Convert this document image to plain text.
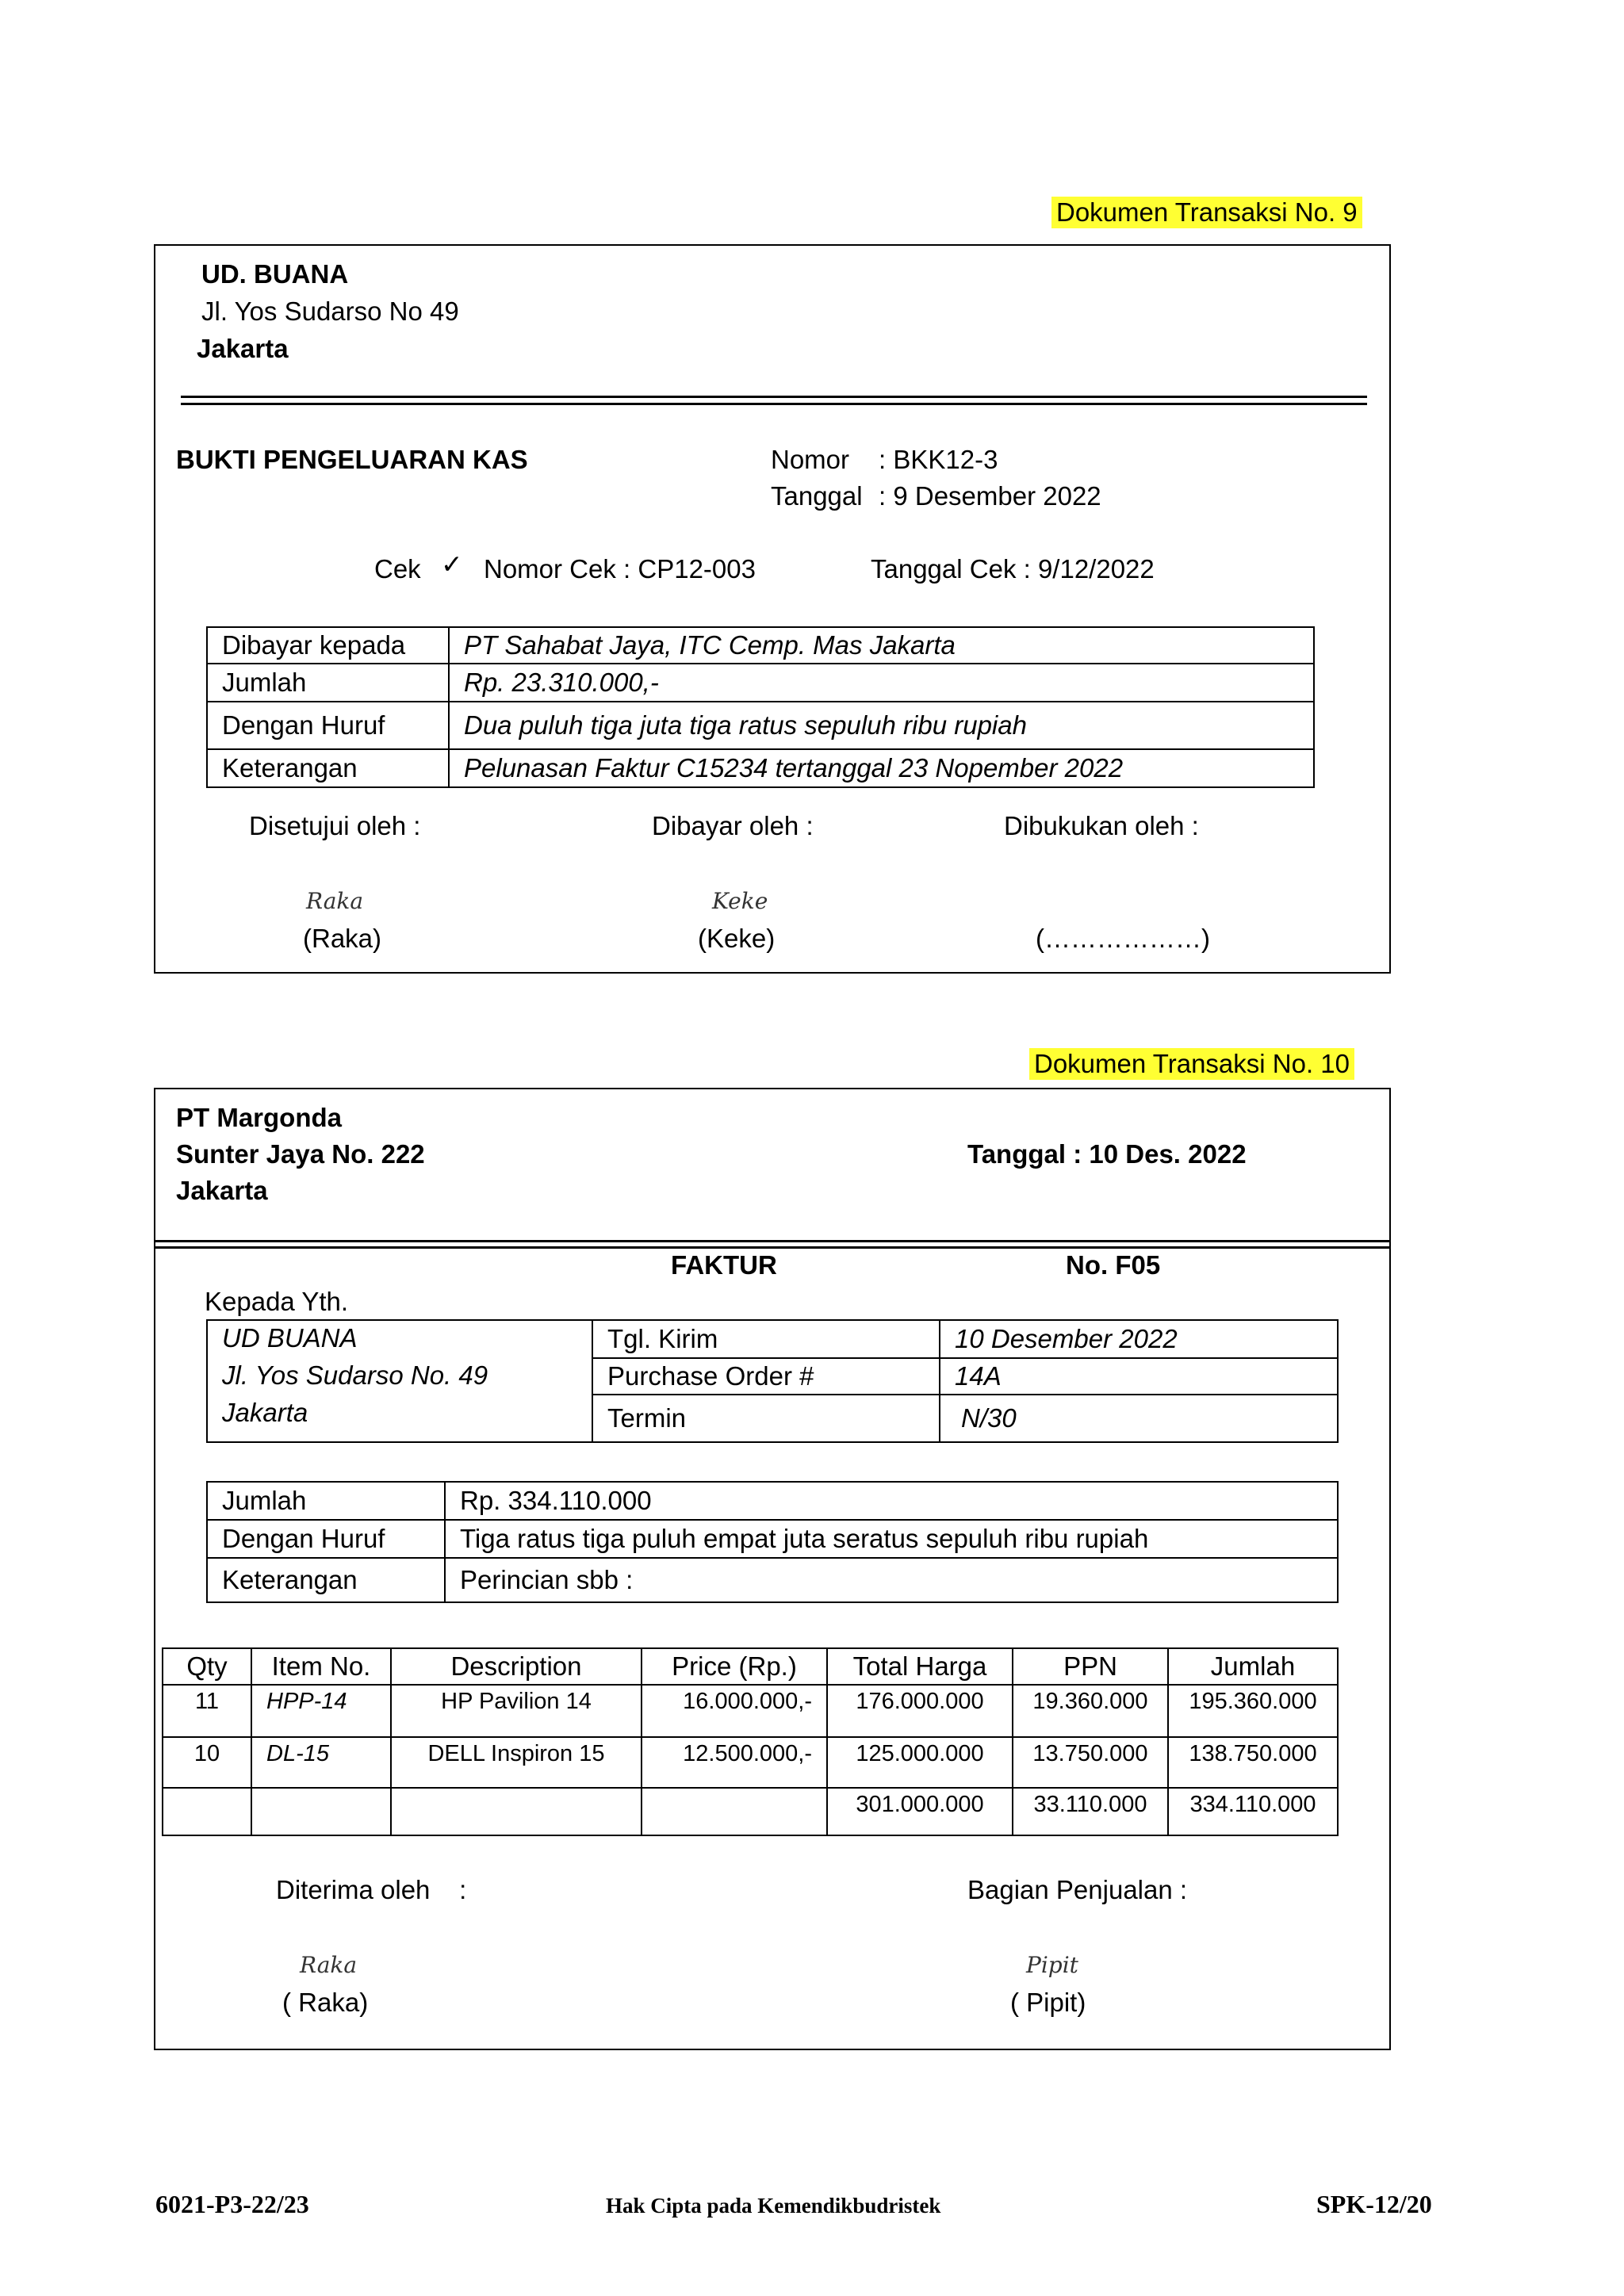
Dokumen Transaksi No. 9
UD. BUANA
Jl. Yos Sudarso No 49
Jakarta
BUKTI PENGELUARAN KAS	Nomor : BKK12-3
Tanggal : 9 Desember 2022
Cek ✓ Nomor Cek : CP12-003	Tanggal Cek : 9/12/2022
Dibayar kepada	PT Sahabat Jaya, ITC Cemp. Mas Jakarta
Jumlah	Rp. 23.310.000,-
Dengan Huruf	Dua puluh tiga juta tiga ratus sepuluh ribu rupiah
Keterangan	Pelunasan Faktur C15234 tertanggal 23 Nopember 2022
Disetujui oleh :	Dibayar oleh :	Dibukukan oleh :
Raka	Keke
(Raka)	(Keke)	(………………)
Dokumen Transaksi No. 10
PT Margonda
Sunter Jaya No. 222
Jakarta
Tanggal : 10 Des. 2022
FAKTUR	No. F05
Kepada Yth.
UD BUANA
Jl. Yos Sudarso No. 49
Jakarta	Tgl. Kirim	10 Desember 2022
	Purchase Order #	14A
	Termin	N/30
Jumlah	Rp. 334.110.000
Dengan Huruf	Tiga ratus tiga puluh empat juta seratus sepuluh ribu rupiah
Keterangan	Perincian sbb :
Qty	Item No.	Description	Price (Rp.)	Total Harga	PPN	Jumlah
11	HPP-14	HP Pavilion 14	16.000.000,-	176.000.000	19.360.000	195.360.000
10	DL-15	DELL Inspiron 15	12.500.000,-	125.000.000	13.750.000	138.750.000
				301.000.000	33.110.000	334.110.000
Diterima oleh    :	Bagian Penjualan :
Raka	Pipit
( Raka)	( Pipit)
6021-P3-22/23	Hak Cipta pada Kemendikbudristek	SPK-12/20
